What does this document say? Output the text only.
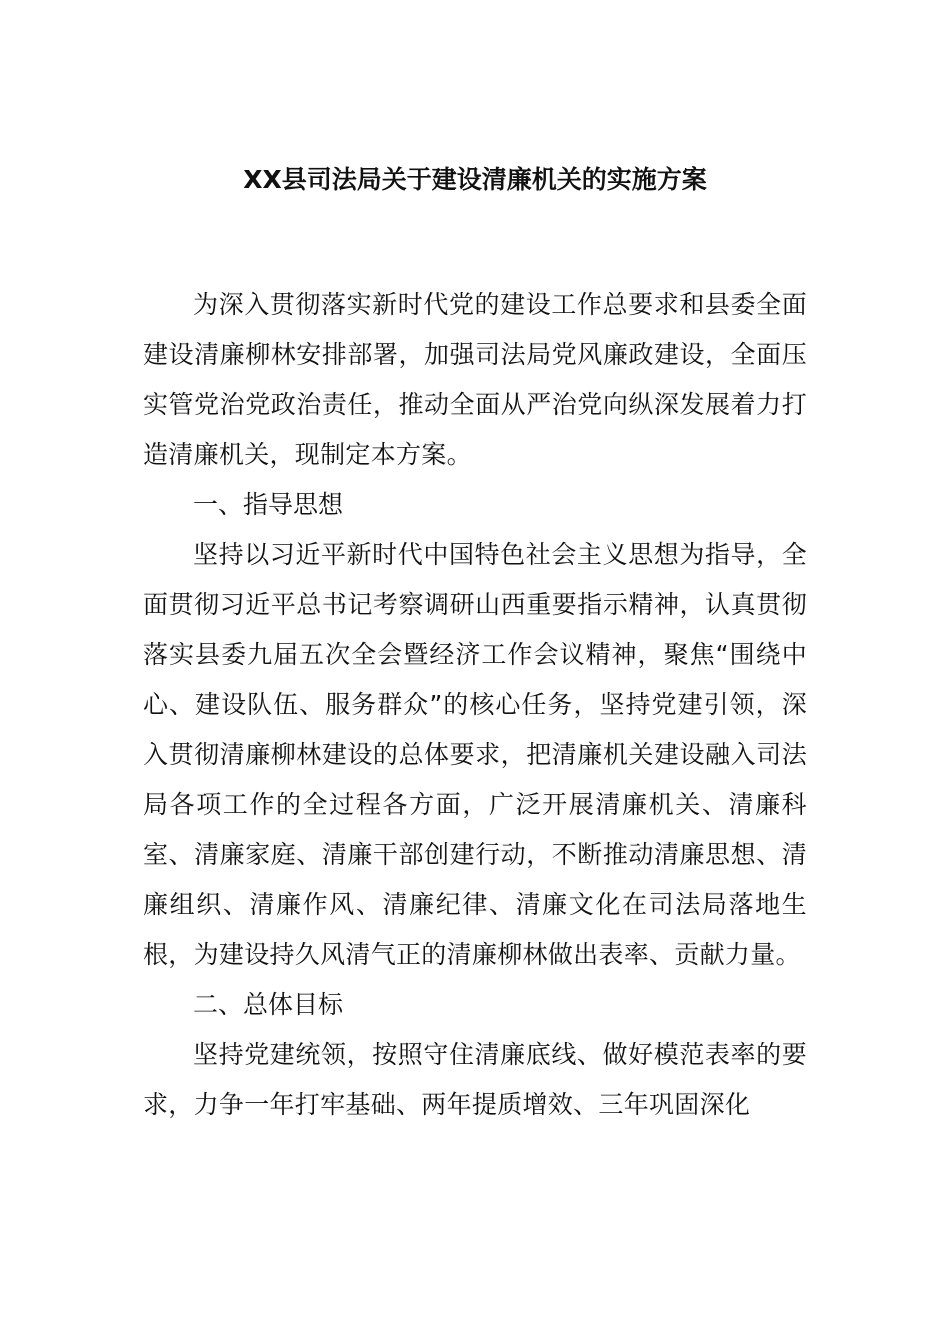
XX县司法局关于建设清廉机关的实施方案

为深入贯彻落实新时代党的建设工作总要求和县委全面建设清廉柳林安排部署，加强司法局党风廉政建设，全面压实管党治党政治责任，推动全面从严治党向纵深发展着力打造清廉机关，现制定本方案。

一、指导思想

坚持以习近平新时代中国特色社会主义思想为指导，全面贯彻习近平总书记考察调研山西重要指示精神，认真贯彻落实县委九届五次全会暨经济工作会议精神，聚焦“围绕中心、建设队伍、服务群众”的核心任务，坚持党建引领，深入贯彻清廉柳林建设的总体要求，把清廉机关建设融入司法局各项工作的全过程各方面，广泛开展清廉机关、清廉科室、清廉家庭、清廉干部创建行动，不断推动清廉思想、清廉组织、清廉作风、清廉纪律、清廉文化在司法局落地生根，为建设持久风清气正的清廉柳林做出表率、贡献力量。

二、总体目标

坚持党建统领，按照守住清廉底线、做好模范表率的要求，力争一年打牢基础、两年提质增效、三年巩固深化
